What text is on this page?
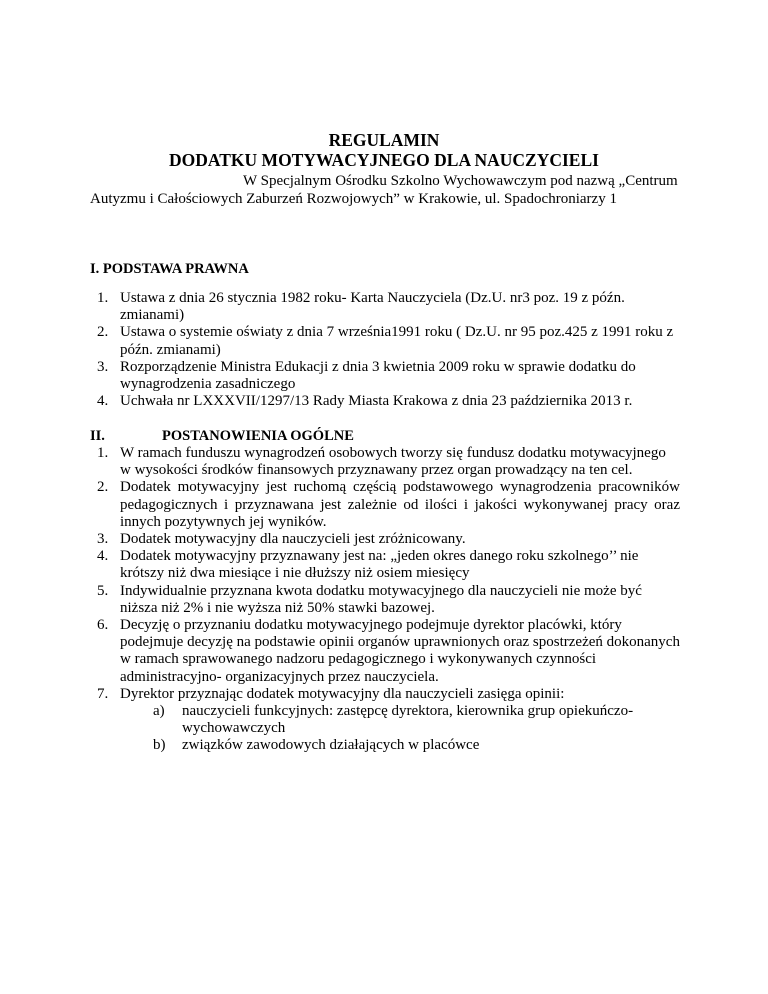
REGULAMIN

DODATKU MOTYWACYJNEGO DLA NAUCZYCIELI

W Specjalnym Ośrodku Szkolno Wychowawczym pod nazwą „Centrum Autyzmu i Całościowych Zaburzeń Rozwojowych” w Krakowie, ul. Spadochroniarzy 1

I. PODSTAWA PRAWNA

1. Ustawa z dnia 26 stycznia 1982 roku- Karta Nauczyciela (Dz.U. nr3 poz. 19 z późn. zmianami)
2. Ustawa o systemie oświaty z dnia 7 września1991 roku ( Dz.U. nr 95 poz.425 z 1991 roku z późn. zmianami)
3. Rozporządzenie Ministra Edukacji z dnia 3 kwietnia 2009 roku w sprawie dodatku do wynagrodzenia zasadniczego
4. Uchwała nr LXXXVII/1297/13 Rady Miasta Krakowa z dnia 23 października 2013 r.

II.	POSTANOWIENIA OGÓLNE

1. W ramach funduszu wynagrodzeń osobowych tworzy się fundusz dodatku motywacyjnego w wysokości środków finansowych przyznawany przez organ prowadzący na ten cel.
2. Dodatek motywacyjny jest ruchomą częścią podstawowego wynagrodzenia pracowników pedagogicznych i przyznawana jest zależnie od ilości i jakości wykonywanej pracy oraz innych pozytywnych jej wyników.
3. Dodatek motywacyjny dla nauczycieli jest zróżnicowany.
4. Dodatek motywacyjny przyznawany jest na: „jeden okres danego roku szkolnego’’ nie krótszy niż dwa miesiące i nie dłuższy niż osiem miesięcy
5. Indywidualnie przyznana kwota dodatku motywacyjnego dla nauczycieli nie może być niższa niż 2% i nie wyższa niż 50% stawki bazowej.
6. Decyzję o przyznaniu dodatku motywacyjnego podejmuje dyrektor placówki, który podejmuje decyzję na podstawie opinii organów uprawnionych oraz spostrzeżeń dokonanych w ramach sprawowanego nadzoru pedagogicznego i wykonywanych czynności administracyjno- organizacyjnych przez nauczyciela.
7. Dyrektor przyznając dodatek motywacyjny dla nauczycieli zasięga opinii:
a) nauczycieli funkcyjnych: zastępcę dyrektora, kierownika grup opiekuńczo-wychowawczych
b) związków zawodowych działających w placówce
